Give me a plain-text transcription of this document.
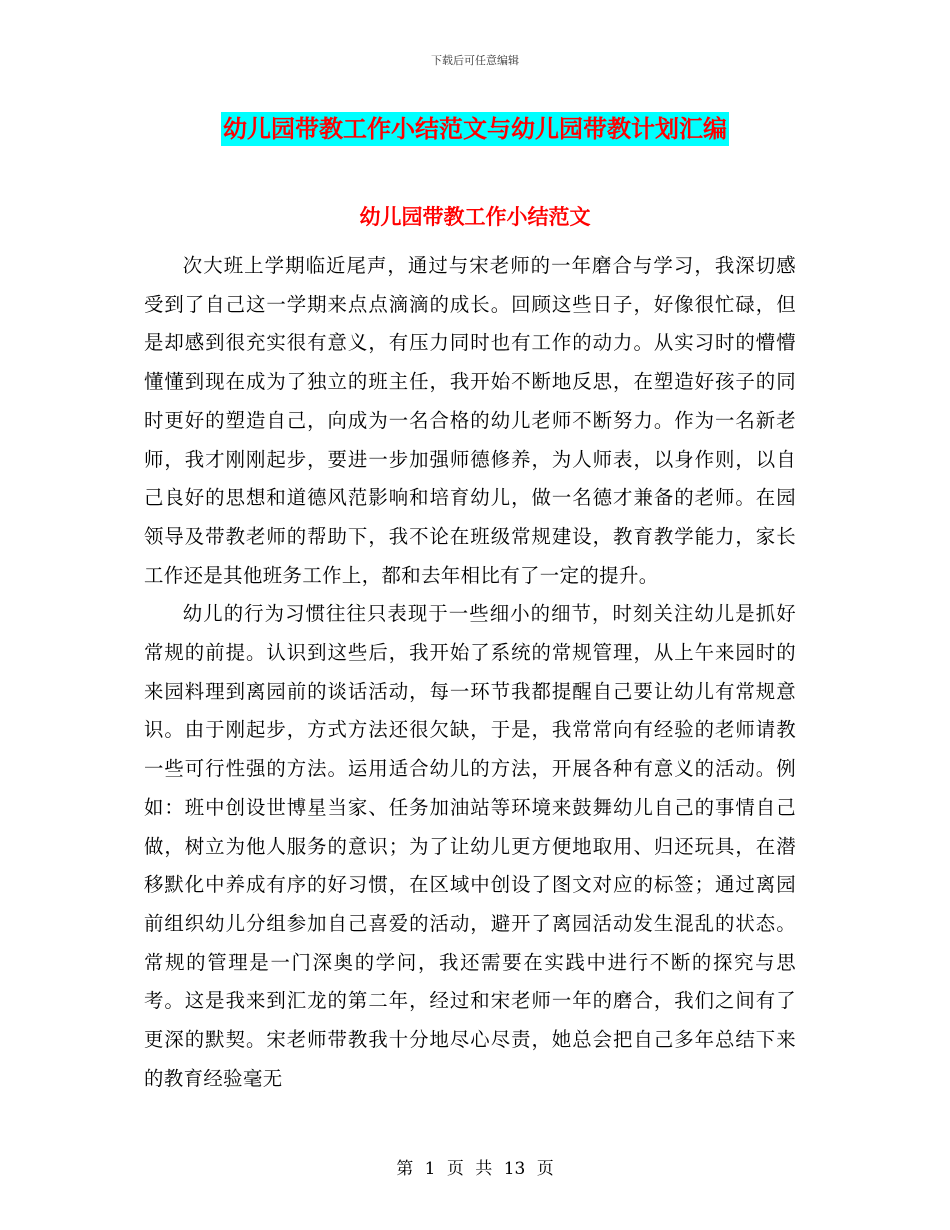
下载后可任意编辑
幼儿园带教工作小结范文与幼儿园带教计划汇编
幼儿园带教工作小结范文

次大班上学期临近尾声，通过与宋老师的一年磨合与学习，我深切感受到了自己这一学期来点点滴滴的成长。回顾这些日子，好像很忙碌，但是却感到很充实很有意义，有压力同时也有工作的动力。从实习时的懵懵懂懂到现在成为了独立的班主任，我开始不断地反思，在塑造好孩子的同时更好的塑造自己，向成为一名合格的幼儿老师不断努力。作为一名新老师，我才刚刚起步，要进一步加强师德修养，为人师表，以身作则，以自己良好的思想和道德风范影响和培育幼儿，做一名德才兼备的老师。在园领导及带教老师的帮助下，我不论在班级常规建设，教育教学能力，家长工作还是其他班务工作上，都和去年相比有了一定的提升。

幼儿的行为习惯往往只表现于一些细小的细节，时刻关注幼儿是抓好常规的前提。认识到这些后，我开始了系统的常规管理，从上午来园时的来园料理到离园前的谈话活动，每一环节我都提醒自己要让幼儿有常规意识。由于刚起步，方式方法还很欠缺，于是，我常常向有经验的老师请教一些可行性强的方法。运用适合幼儿的方法，开展各种有意义的活动。例如：班中创设世博星当家、任务加油站等环境来鼓舞幼儿自己的事情自己做，树立为他人服务的意识；为了让幼儿更方便地取用、归还玩具，在潜移默化中养成有序的好习惯，在区域中创设了图文对应的标签；通过离园前组织幼儿分组参加自己喜爱的活动，避开了离园活动发生混乱的状态。常规的管理是一门深奥的学问，我还需要在实践中进行不断的探究与思考。这是我来到汇龙的第二年，经过和宋老师一年的磨合，我们之间有了更深的默契。宋老师带教我十分地尽心尽责，她总会把自己多年总结下来的教育经验毫无

第 1 页 共 13 页
